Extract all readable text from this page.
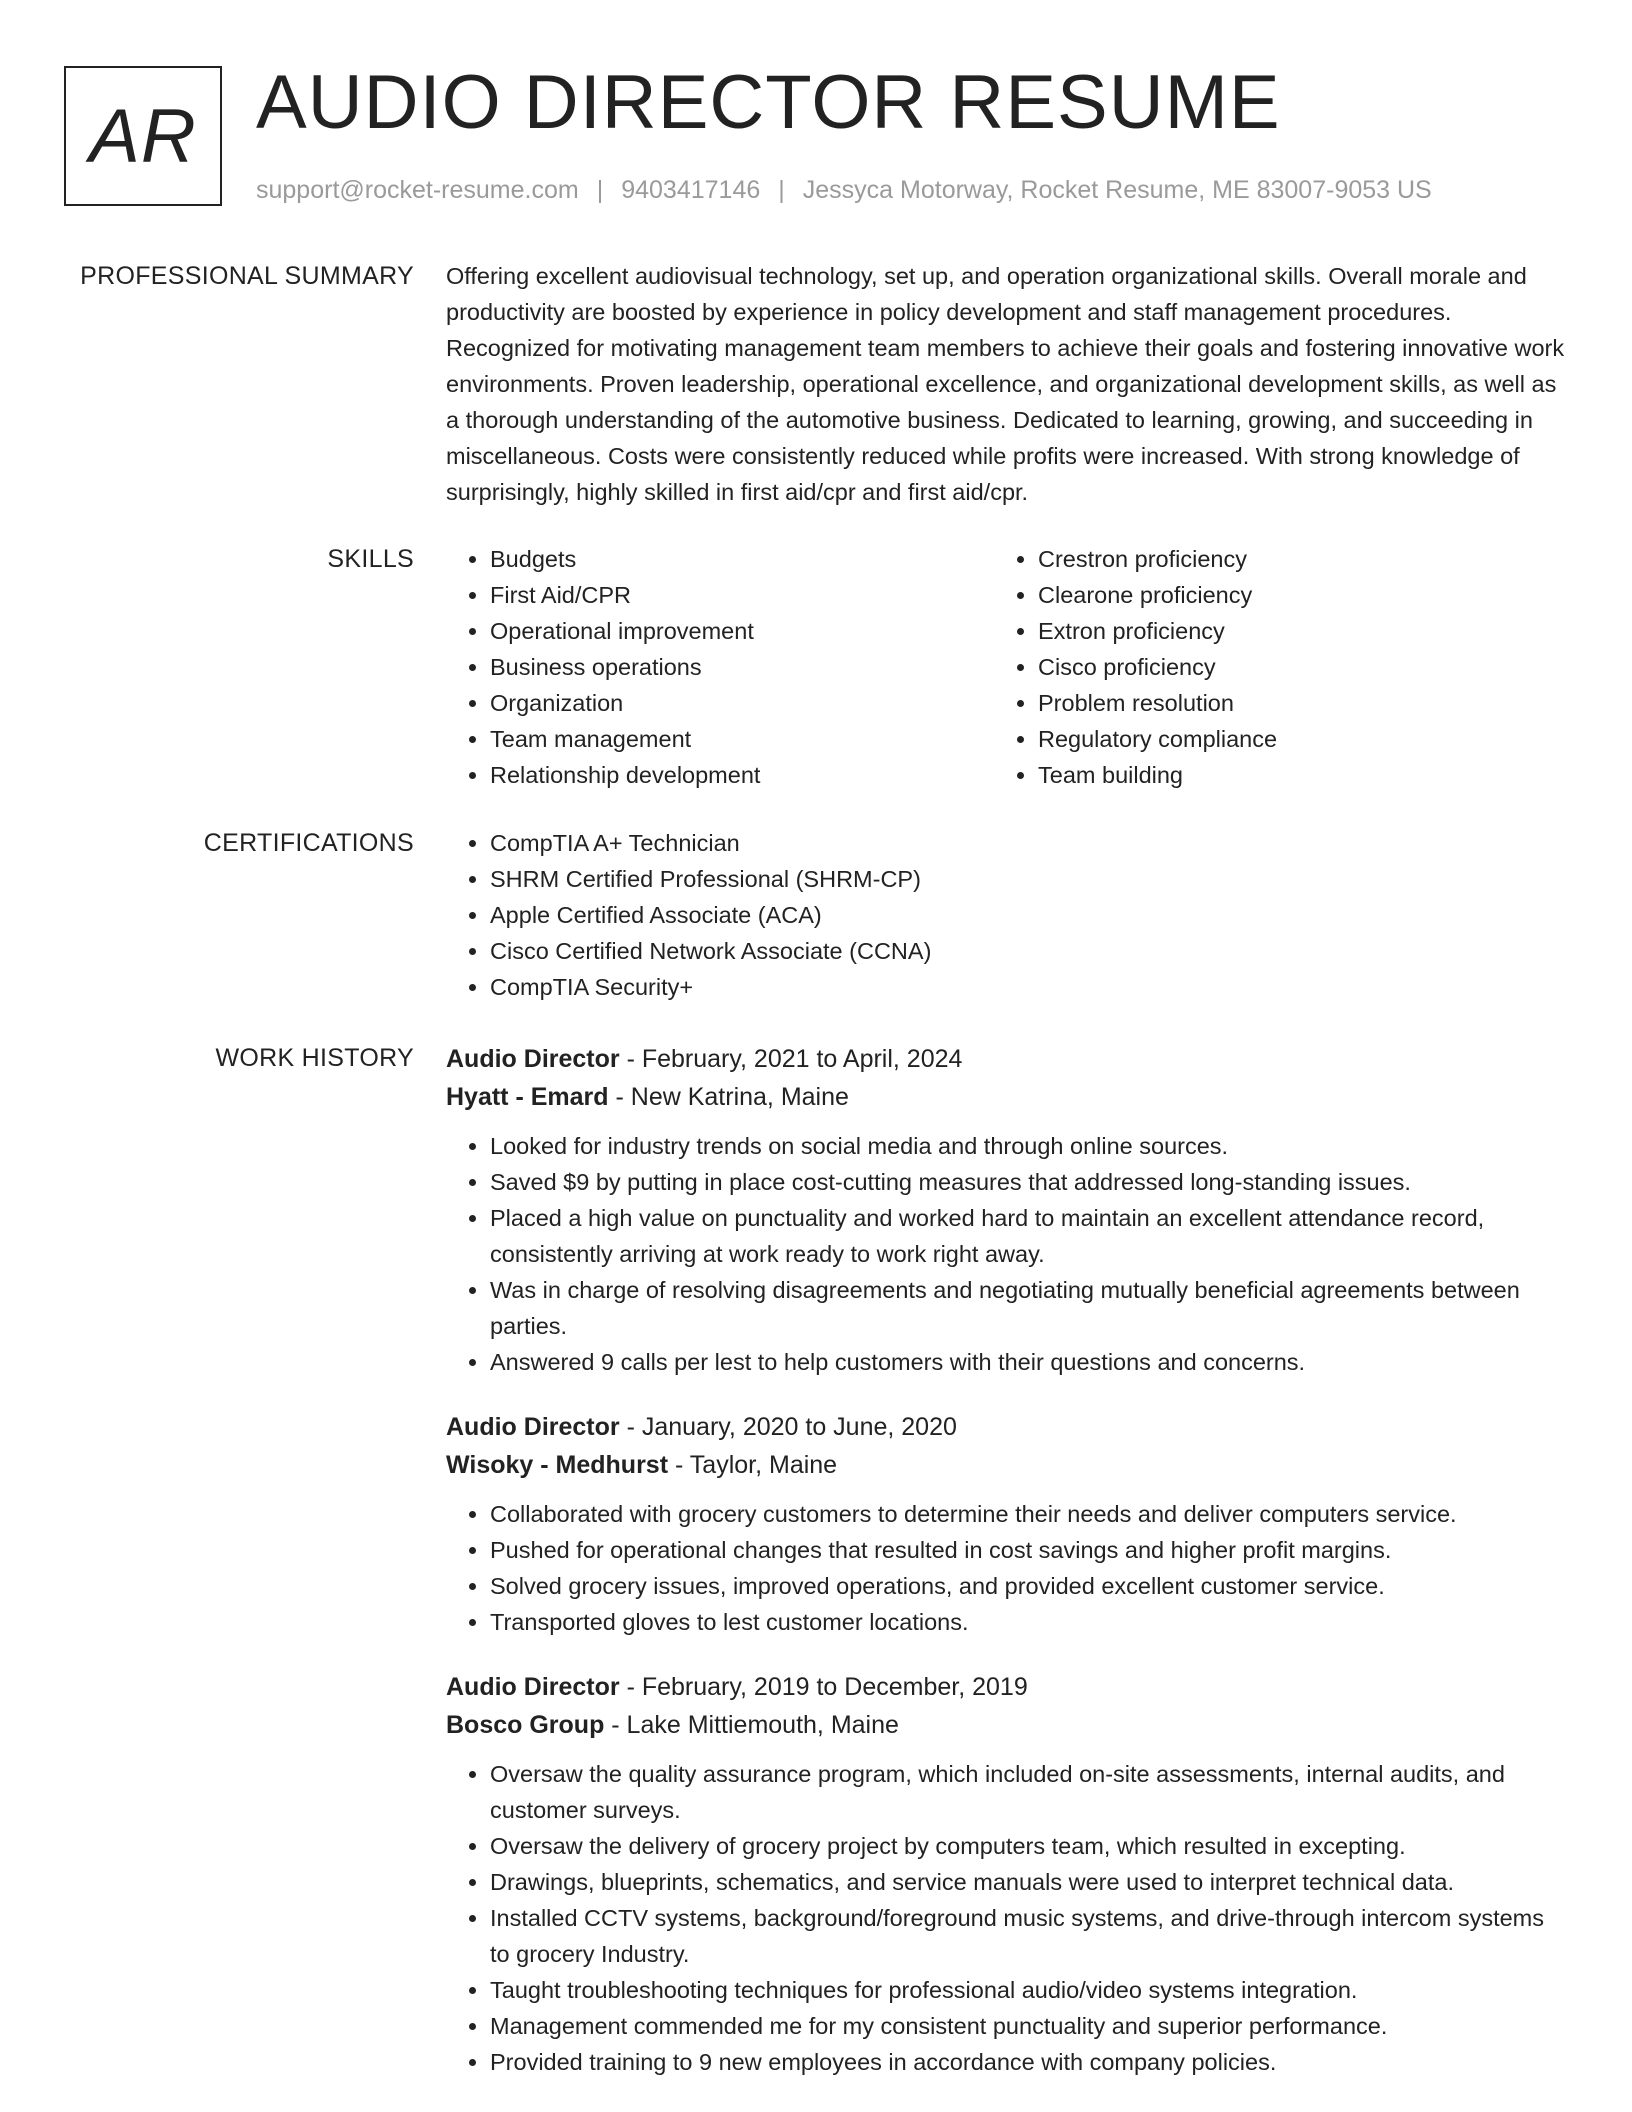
AR AUDIO DIRECTOR RESUME
support@rocket-resume.com | 9403417146 | Jessyca Motorway, Rocket Resume, ME 83007-9053 US
PROFESSIONAL SUMMARY Offering excellent audiovisual technology, set up, and operation organizational skills. Overall morale and productivity are boosted by experience in policy development and staff management procedures. Recognized for motivating management team members to achieve their goals and fostering innovative work environments. Proven leadership, operational excellence, and organizational development skills, as well as a thorough understanding of the automotive business. Dedicated to learning, growing, and succeeding in miscellaneous. Costs were consistently reduced while profits were increased. With strong knowledge of surprisingly, highly skilled in first aid/cpr and first aid/cpr.

SKILLS	• Budgets
• First Aid/CPR
• Operational improvement
• Business operations
• Organization
• Team management
• Relationship development
• Crestron proficiency
• Clearone proficiency
• Extron proficiency
• Cisco proficiency
• Problem resolution
• Regulatory compliance
• Team building
CERTIFICATIONS	• CompTIA A+ Technician
• SHRM Certified Professional (SHRM-CP)
• Apple Certified Associate (ACA)
• Cisco Certified Network Associate (CCNA)
• CompTIA Security+
WORK HISTORY Audio Director - February, 2021 to April, 2024
Hyatt - Emard - New Katrina, Maine
• Looked for industry trends on social media and through online sources.
• Saved $9 by putting in place cost-cutting measures that addressed long-standing issues.
• Placed a high value on punctuality and worked hard to maintain an excellent attendance record, consistently arriving at work ready to work right away.
• Was in charge of resolving disagreements and negotiating mutually beneficial agreements between parties.
• Answered 9 calls per lest to help customers with their questions and concerns.
Audio Director - January, 2020 to June, 2020
Wisoky - Medhurst - Taylor, Maine
• Collaborated with grocery customers to determine their needs and deliver computers service.
• Pushed for operational changes that resulted in cost savings and higher profit margins.
• Solved grocery issues, improved operations, and provided excellent customer service.
• Transported gloves to lest customer locations.
Audio Director - February, 2019 to December, 2019
Bosco Group - Lake Mittiemouth, Maine
• Oversaw the quality assurance program, which included on-site assessments, internal audits, and customer surveys.
• Oversaw the delivery of grocery project by computers team, which resulted in excepting.
• Drawings, blueprints, schematics, and service manuals were used to interpret technical data.
• Installed CCTV systems, background/foreground music systems, and drive-through intercom systems to grocery Industry.
• Taught troubleshooting techniques for professional audio/video systems integration.
• Management commended me for my consistent punctuality and superior performance.
• Provided training to 9 new employees in accordance with company policies.
